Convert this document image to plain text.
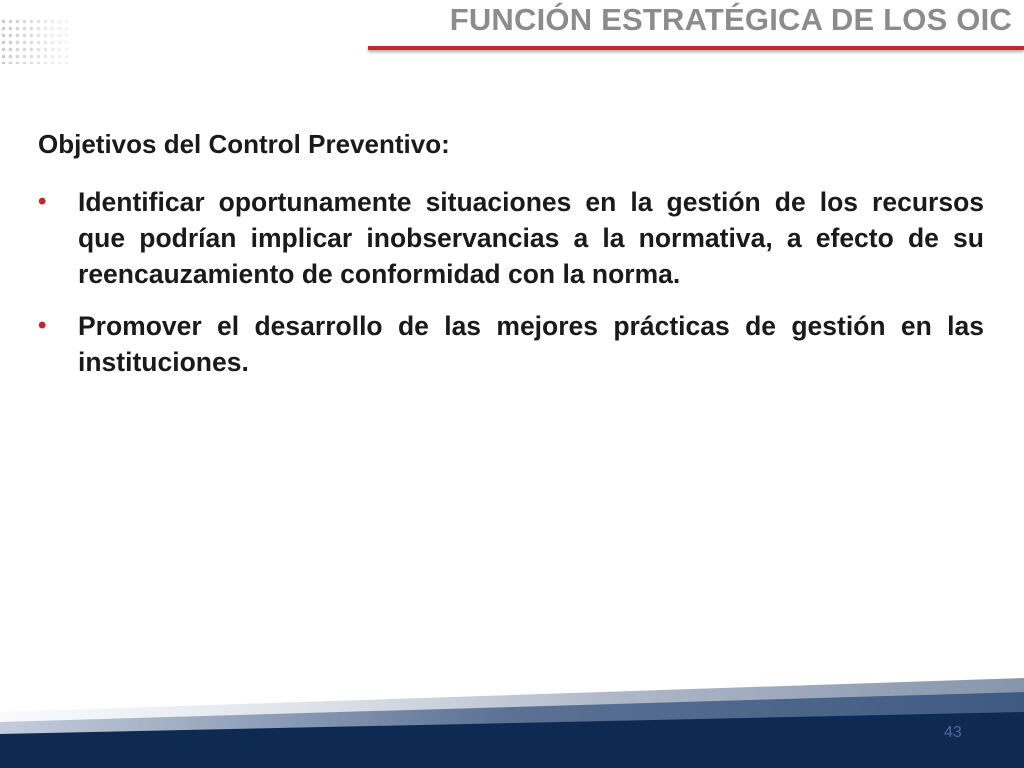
FUNCIÓN ESTRATÉGICA DE LOS OIC
Objetivos del Control Preventivo:
• Identificar oportunamente situaciones en la gestión de los recursos que podrían implicar inobservancias a la normativa, a efecto de su reencauzamiento de conformidad con la norma.
• Promover el desarrollo de las mejores prácticas de gestión en las instituciones.
43
